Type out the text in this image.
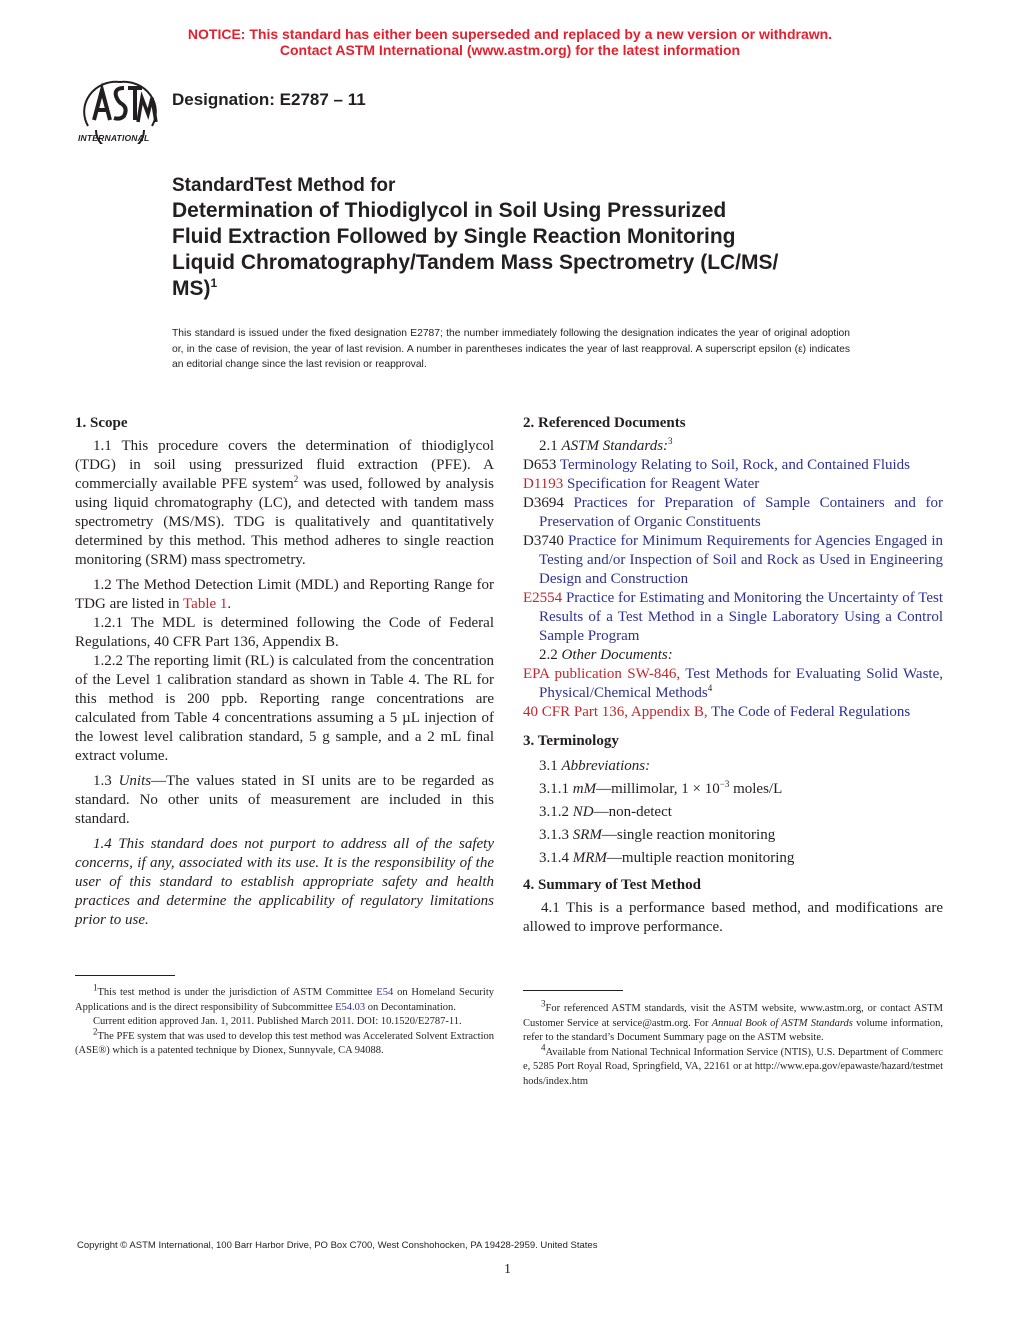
NOTICE: This standard has either been superseded and replaced by a new version or withdrawn.
Contact ASTM International (www.astm.org) for the latest information
INTERNATIONAL
Designation: E2787 – 11
StandardTest Method for
Determination of Thiodiglycol in Soil Using Pressurized
Fluid Extraction Followed by Single Reaction Monitoring
Liquid Chromatography/Tandem Mass Spectrometry (LC/MS/
MS)$^1$
This standard is issued under the fixed designation E2787; the number immediately following the designation indicates the year of original adoption or, in the case of revision, the year of last revision. A number in parentheses indicates the year of last reapproval. A superscript epsilon (ε) indicates an editorial change since the last revision or reapproval.

1. Scope

1.1 This procedure covers the determination of thiodiglycol (TDG) in soil using pressurized fluid extraction (PFE). A commercially available PFE system$^2$ was used, followed by analysis using liquid chromatography (LC), and detected with tandem mass spectrometry (MS/MS). TDG is qualitatively and quantitatively determined by this method. This method adheres to single reaction monitoring (SRM) mass spectrometry.

1.2 The Method Detection Limit (MDL) and Reporting Range for TDG are listed in Table 1.

1.2.1 The MDL is determined following the Code of Federal Regulations, 40 CFR Part 136, Appendix B.

1.2.2 The reporting limit (RL) is calculated from the concentration of the Level 1 calibration standard as shown in Table 4. The RL for this method is 200 ppb. Reporting range concentrations are calculated from Table 4 concentrations assuming a 5 µL injection of the lowest level calibration standard, 5 g sample, and a 2 mL final extract volume.

1.3 Units—The values stated in SI units are to be regarded as standard. No other units of measurement are included in this standard.

1.4 This standard does not purport to address all of the safety concerns, if any, associated with its use. It is the responsibility of the user of this standard to establish appropriate safety and health practices and determine the applicability of regulatory limitations prior to use.

$^1$This test method is under the jurisdiction of ASTM Committee E54 on Homeland Security Applications and is the direct responsibility of Subcommittee E54.03 on Decontamination.
Current edition approved Jan. 1, 2011. Published March 2011. DOI: 10.1520/E2787-11.
$^2$The PFE system that was used to develop this test method was Accelerated Solvent Extraction (ASE®) which is a patented technique by Dionex, Sunnyvale, CA 94088.

2. Referenced Documents

2.1 ASTM Standards:$^3$

D653 Terminology Relating to Soil, Rock, and Contained Fluids

D1193 Specification for Reagent Water

D3694 Practices for Preparation of Sample Containers and for Preservation of Organic Constituents

D3740 Practice for Minimum Requirements for Agencies Engaged in Testing and/or Inspection of Soil and Rock as Used in Engineering Design and Construction

E2554 Practice for Estimating and Monitoring the Uncertainty of Test Results of a Test Method in a Single Laboratory Using a Control Sample Program

2.2 Other Documents:

EPA publication SW-846, Test Methods for Evaluating Solid Waste, Physical/Chemical Methods$^4$

40 CFR Part 136, Appendix B, The Code of Federal Regulations

3. Terminology

3.1 Abbreviations:

3.1.1 mM—millimolar, $1 \times 10^{-3}$ moles/L

3.1.2 ND—non-detect

3.1.3 SRM—single reaction monitoring

3.1.4 MRM—multiple reaction monitoring

4. Summary of Test Method

4.1 This is a performance based method, and modifications are allowed to improve performance.

$^3$For referenced ASTM standards, visit the ASTM website, www.astm.org, or contact ASTM Customer Service at service@astm.org. For Annual Book of ASTM Standards volume information, refer to the standard’s Document Summary page on the ASTM website.
$^4$Available from National Technical Information Service (NTIS), U.S. Department of Commerce, 5285 Port Royal Road, Springfield, VA, 22161 or at http://www.epa.gov/epawaste/hazard/testmethods/index.htm
Copyright © ASTM International, 100 Barr Harbor Drive, PO Box C700, West Conshohocken, PA 19428-2959. United States
1
